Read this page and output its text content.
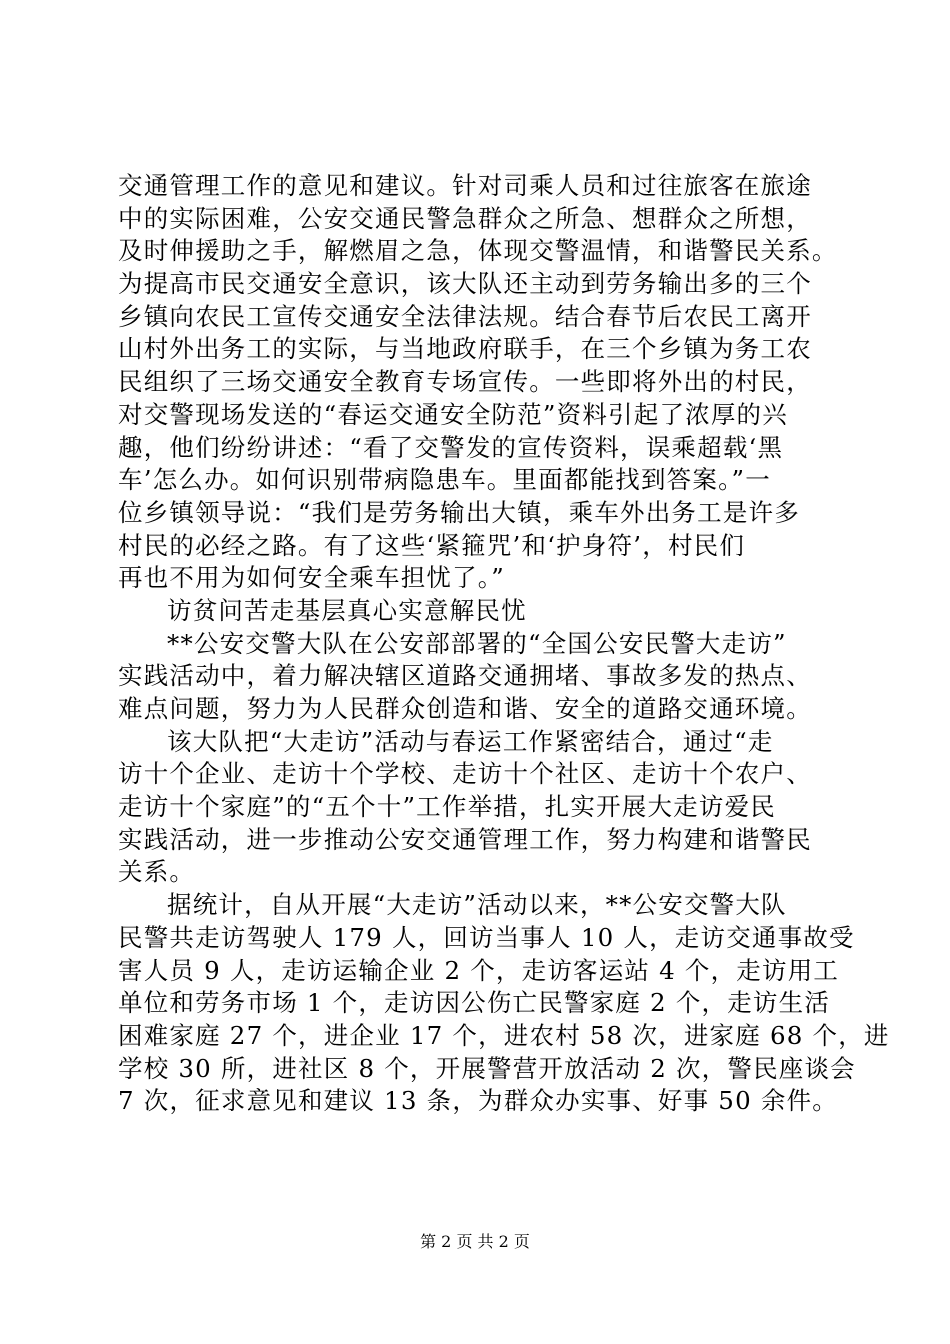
交通管理工作的意见和建议。针对司乘人员和过往旅客在旅途
中的实际困难，公安交通民警急群众之所急、想群众之所想，
及时伸援助之手，解燃眉之急，体现交警温情，和谐警民关系。
为提高市民交通安全意识，该大队还主动到劳务输出多的三个
乡镇向农民工宣传交通安全法律法规。结合春节后农民工离开
山村外出务工的实际，与当地政府联手，在三个乡镇为务工农
民组织了三场交通安全教育专场宣传。一些即将外出的村民，
对交警现场发送的“春运交通安全防范”资料引起了浓厚的兴
趣，他们纷纷讲述：“看了交警发的宣传资料，误乘超载‘黑
车’怎么办。如何识别带病隐患车。里面都能找到答案。”一
位乡镇领导说：“我们是劳务输出大镇，乘车外出务工是许多
村民的必经之路。有了这些‘紧箍咒’和‘护身符’，村民们
再也不用为如何安全乘车担忧了。”
访贫问苦走基层真心实意解民忧
**公安交警大队在公安部部署的“全国公安民警大走访”
实践活动中，着力解决辖区道路交通拥堵、事故多发的热点、
难点问题，努力为人民群众创造和谐、安全的道路交通环境。
该大队把“大走访”活动与春运工作紧密结合，通过“走
访十个企业、走访十个学校、走访十个社区、走访十个农户、
走访十个家庭”的“五个十”工作举措，扎实开展大走访爱民
实践活动，进一步推动公安交通管理工作，努力构建和谐警民
关系。
据统计，自从开展“大走访”活动以来，**公安交警大队
民警共走访驾驶人 179 人，回访当事人 10 人，走访交通事故受
害人员 9 人，走访运输企业 2 个，走访客运站 4 个，走访用工
单位和劳务市场 1 个，走访因公伤亡民警家庭 2 个，走访生活
困难家庭 27 个，进企业 17 个，进农村 58 次，进家庭 68 个，进
学校 30 所，进社区 8 个，开展警营开放活动 2 次，警民座谈会
7 次，征求意见和建议 13 条，为群众办实事、好事 50 余件。
第 2 页 共 2 页
